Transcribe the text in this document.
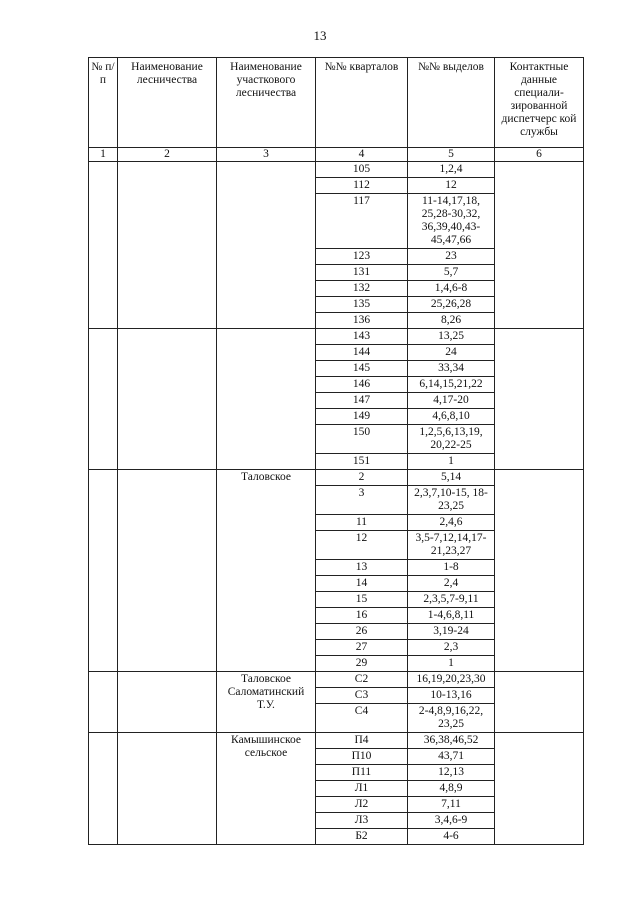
13
№ п/п	Наименование лесничества	Наименование участкового лесничества	№№ кварталов	№№ выделов	Контактные данные специали-зированной диспетчерс кой службы
1	2	3	4	5	6
			105	1,2,4	
			112	12	
			117	11-14,17,18, 25,28-30,32, 36,39,40,43-45,47,66	
			123	23	
			131	5,7	
			132	1,4,6-8	
			135	25,26,28	
			136	8,26	
			143	13,25	
			144	24	
			145	33,34	
			146	6,14,15,21,22	
			147	4,17-20	
			149	4,6,8,10	
			150	1,2,5,6,13,19, 20,22-25	
			151	1	
		Таловское	2	5,14	
			3	2,3,7,10-15, 18-23,25	
			11	2,4,6	
			12	3,5-7,12,14,17-21,23,27	
			13	1-8	
			14	2,4	
			15	2,3,5,7-9,11	
			16	1-4,6,8,11	
			26	3,19-24	
			27	2,3	
			29	1	
		Таловское Саломатинский Т.У.	С2	16,19,20,23,30	
			С3	10-13,16	
			С4	2-4,8,9,16,22, 23,25	
		Камышинское сельское	П4	36,38,46,52	
			П10	43,71	
			П11	12,13	
			Л1	4,8,9	
			Л2	7,11	
			Л3	3,4,6-9	
			Б2	4-6	
